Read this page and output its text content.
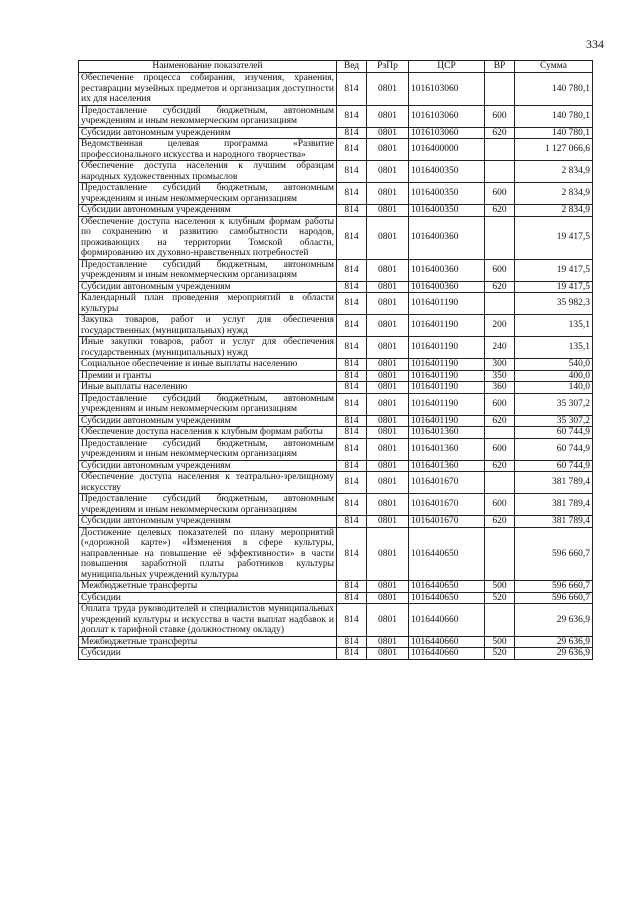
334
Наименование показателей	Вед	РзПр	ЦСР	ВР	Сумма
Обеспечение процесса собирания, изучения, хранения, реставрации музейных предметов и организация доступности их для населения	814	0801	1016103060		140 780,1
Предоставление субсидий бюджетным, автономным учреждениям и иным некоммерческим организациям	814	0801	1016103060	600	140 780,1
Субсидии автономным учреждениям	814	0801	1016103060	620	140 780,1
Ведомственная целевая программа «Развитие профессионального искусства и народного творчества»	814	0801	1016400000		1 127 066,6
Обеспечение доступа населения к лучшим образцам народных художественных промыслов	814	0801	1016400350		2 834,9
Предоставление субсидий бюджетным, автономным учреждениям и иным некоммерческим организациям	814	0801	1016400350	600	2 834,9
Субсидии автономным учреждениям	814	0801	1016400350	620	2 834,9
Обеспечение доступа населения к клубным формам работы по сохранению и развитию самобытности народов, проживающих на территории Томской области, формированию их духовно-нравственных потребностей	814	0801	1016400360		19 417,5
Предоставление субсидий бюджетным, автономным учреждениям и иным некоммерческим организациям	814	0801	1016400360	600	19 417,5
Субсидии автономным учреждениям	814	0801	1016400360	620	19 417,5
Календарный план проведения мероприятий в области культуры	814	0801	1016401190		35 982,3
Закупка товаров, работ и услуг для обеспечения государственных (муниципальных) нужд	814	0801	1016401190	200	135,1
Иные закупки товаров, работ и услуг для обеспечения государственных (муниципальных) нужд	814	0801	1016401190	240	135,1
Социальное обеспечение и иные выплаты населению	814	0801	1016401190	300	540,0
Премии и гранты	814	0801	1016401190	350	400,0
Иные выплаты населению	814	0801	1016401190	360	140,0
Предоставление субсидий бюджетным, автономным учреждениям и иным некоммерческим организациям	814	0801	1016401190	600	35 307,2
Субсидии автономным учреждениям	814	0801	1016401190	620	35 307,2
Обеспечение доступа населения к клубным формам работы	814	0801	1016401360		60 744,9
Предоставление субсидий бюджетным, автономным учреждениям и иным некоммерческим организациям	814	0801	1016401360	600	60 744,9
Субсидии автономным учреждениям	814	0801	1016401360	620	60 744,9
Обеспечение доступа населения к театрально-зрелищному искусству	814	0801	1016401670		381 789,4
Предоставление субсидий бюджетным, автономным учреждениям и иным некоммерческим организациям	814	0801	1016401670	600	381 789,4
Субсидии автономным учреждениям	814	0801	1016401670	620	381 789,4
Достижение целевых показателей по плану мероприятий («дорожной карте») «Изменения в сфере культуры, направленные на повышение её эффективности» в части повышения заработной платы работников культуры муниципальных учреждений культуры	814	0801	1016440650		596 660,7
Межбюджетные трансферты	814	0801	1016440650	500	596 660,7
Субсидии	814	0801	1016440650	520	596 660,7
Оплата труда руководителей и специалистов муниципальных учреждений культуры и искусства в части выплат надбавок и доплат к тарифной ставке (должностному окладу)	814	0801	1016440660		29 636,9
Межбюджетные трансферты	814	0801	1016440660	500	29 636,9
Субсидии	814	0801	1016440660	520	29 636,9
